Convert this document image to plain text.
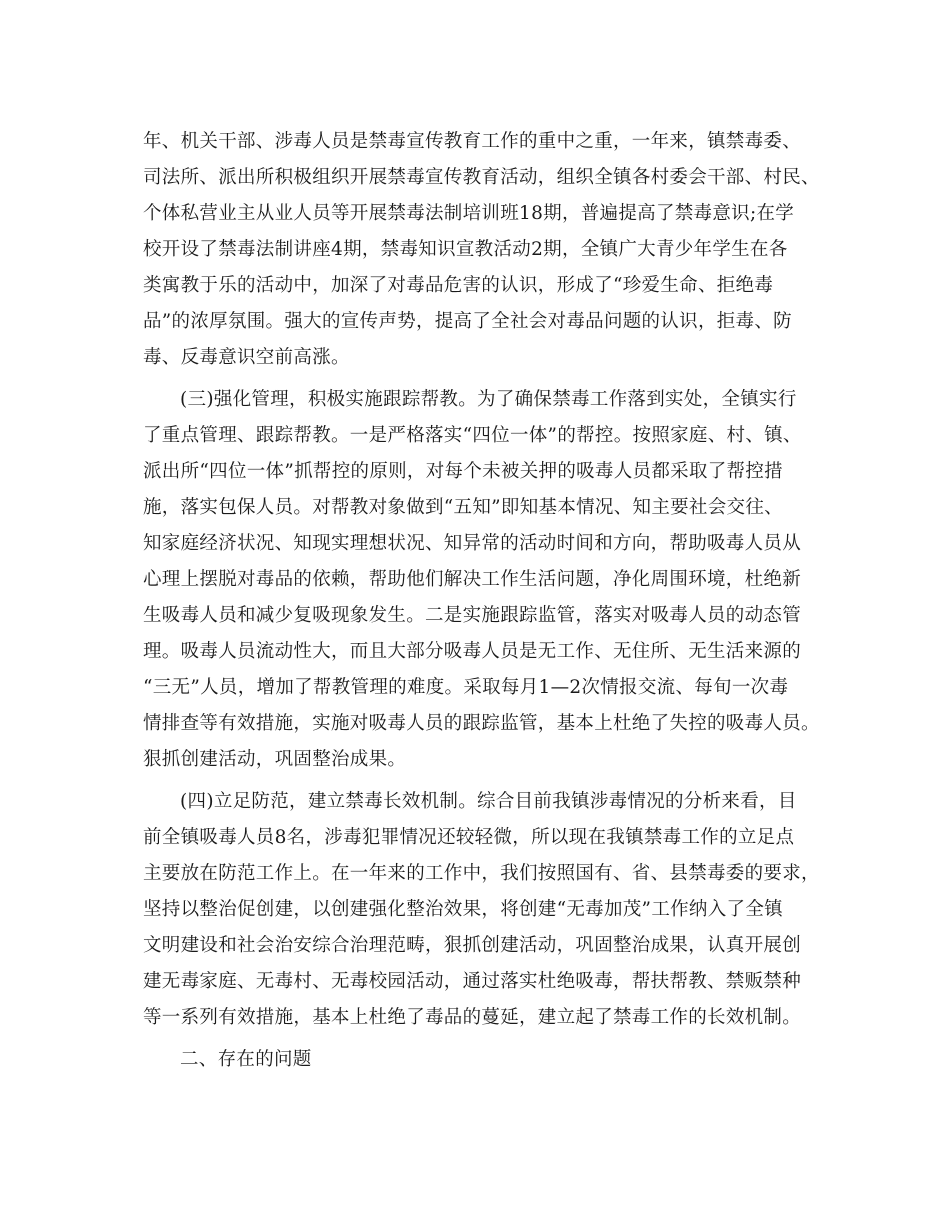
年、机关干部、涉毒人员是禁毒宣传教育工作的重中之重，一年来，镇禁毒委、
司法所、派出所积极组织开展禁毒宣传教育活动，组织全镇各村委会干部、村民、
个体私营业主从业人员等开展禁毒法制培训班18期，普遍提高了禁毒意识;在学
校开设了禁毒法制讲座4期，禁毒知识宣教活动2期，全镇广大青少年学生在各
类寓教于乐的活动中，加深了对毒品危害的认识，形成了“珍爱生命、拒绝毒
品”的浓厚氛围。强大的宣传声势，提高了全社会对毒品问题的认识，拒毒、防
毒、反毒意识空前高涨。
(三)强化管理，积极实施跟踪帮教。为了确保禁毒工作落到实处，全镇实行
了重点管理、跟踪帮教。一是严格落实“四位一体”的帮控。按照家庭、村、镇、
派出所“四位一体”抓帮控的原则，对每个未被关押的吸毒人员都采取了帮控措
施，落实包保人员。对帮教对象做到“五知”即知基本情况、知主要社会交往、
知家庭经济状况、知现实理想状况、知异常的活动时间和方向，帮助吸毒人员从
心理上摆脱对毒品的依赖，帮助他们解决工作生活问题，净化周围环境，杜绝新
生吸毒人员和减少复吸现象发生。二是实施跟踪监管，落实对吸毒人员的动态管
理。吸毒人员流动性大，而且大部分吸毒人员是无工作、无住所、无生活来源的
“三无”人员，增加了帮教管理的难度。采取每月1—2次情报交流、每旬一次毒
情排查等有效措施，实施对吸毒人员的跟踪监管，基本上杜绝了失控的吸毒人员。
狠抓创建活动，巩固整治成果。
(四)立足防范，建立禁毒长效机制。综合目前我镇涉毒情况的分析来看，目
前全镇吸毒人员8名，涉毒犯罪情况还较轻微，所以现在我镇禁毒工作的立足点
主要放在防范工作上。在一年来的工作中，我们按照国有、省、县禁毒委的要求，
坚持以整治促创建，以创建强化整治效果，将创建“无毒加茂”工作纳入了全镇
文明建设和社会治安综合治理范畴，狠抓创建活动，巩固整治成果，认真开展创
建无毒家庭、无毒村、无毒校园活动，通过落实杜绝吸毒，帮扶帮教、禁贩禁种
等一系列有效措施，基本上杜绝了毒品的蔓延，建立起了禁毒工作的长效机制。
二、存在的问题
